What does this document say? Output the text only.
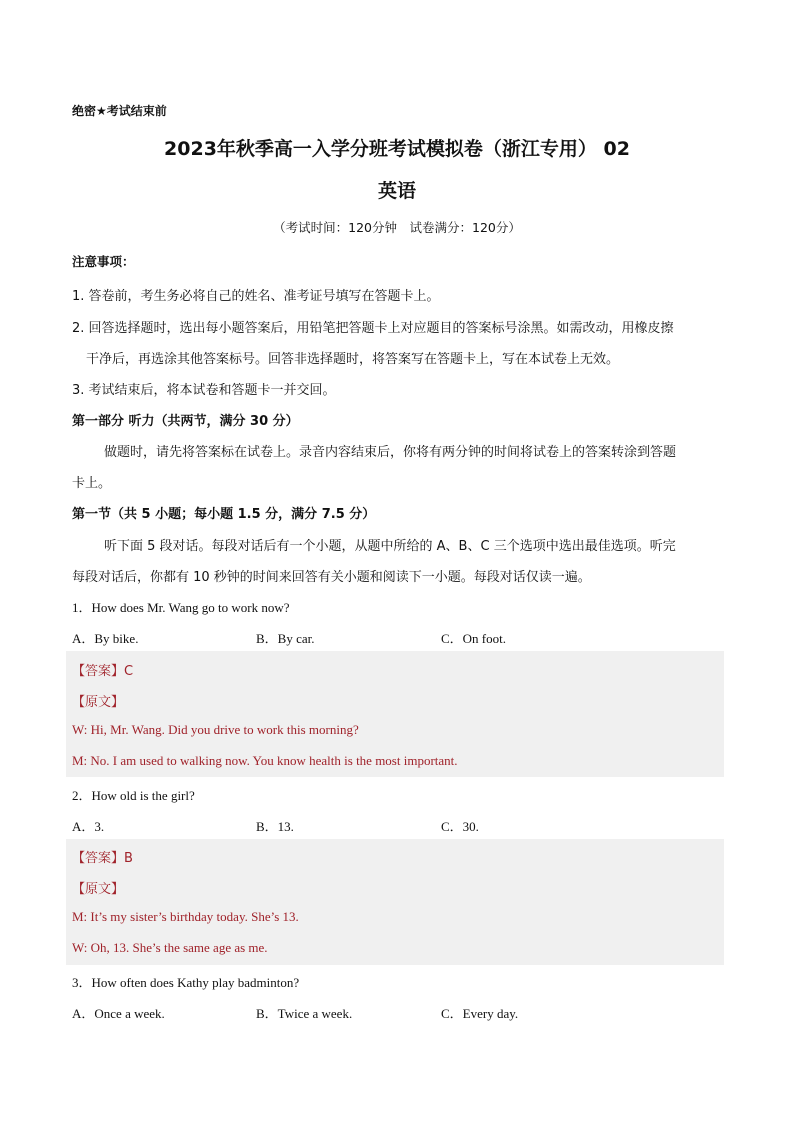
绝密★考试结束前
2023年秋季高一入学分班考试模拟卷（浙江专用） 02
英语
（考试时间：120分钟　试卷满分：120分）
注意事项：
1. 答卷前，考生务必将自己的姓名、准考证号填写在答题卡上。
2. 回答选择题时，选出每小题答案后，用铅笔把答题卡上对应题目的答案标号涂黑。如需改动，用橡皮擦
干净后，再选涂其他答案标号。回答非选择题时，将答案写在答题卡上，写在本试卷上无效。
3. 考试结束后，将本试卷和答题卡一并交回。
第一部分 听力（共两节，满分 30 分）
做题时，请先将答案标在试卷上。录音内容结束后，你将有两分钟的时间将试卷上的答案转涂到答题
卡上。
第一节（共 5 小题；每小题 1.5 分，满分 7.5 分）
听下面 5 段对话。每段对话后有一个小题，从题中所给的 A、B、C 三个选项中选出最佳选项。听完
每段对话后，你都有 10 秒钟的时间来回答有关小题和阅读下一小题。每段对话仅读一遍。
1．How does Mr. Wang go to work now?
A．By bike.	B．By car.	C．On foot.
【答案】C
【原文】
W: Hi, Mr. Wang. Did you drive to work this morning?
M: No. I am used to walking now. You know health is the most important.
2．How old is the girl?
A．3.	B．13.	C．30.
【答案】B
【原文】
M: It’s my sister’s birthday today. She’s 13.
W: Oh, 13. She’s the same age as me.
3．How often does Kathy play badminton?
A．Once a week.	B．Twice a week.	C．Every day.
